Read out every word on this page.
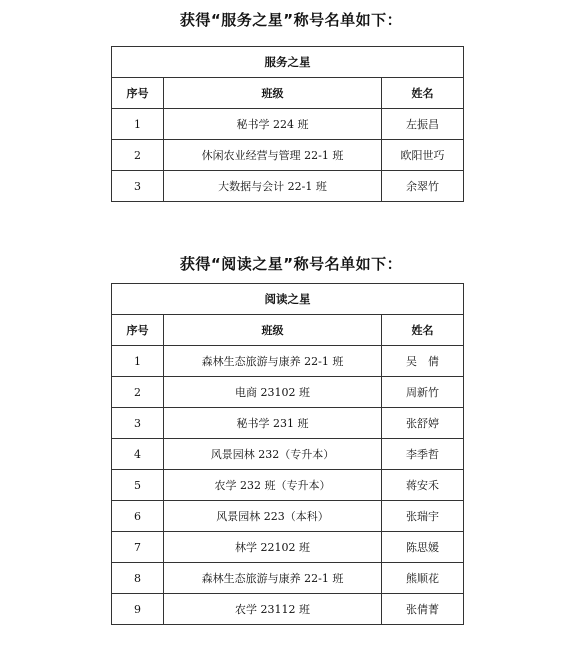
获得“服务之星”称号名单如下：
服务之星		
序号	班级	姓名
1	秘书学 224 班	左振昌
2	休闲农业经营与管理 22-1 班	欧阳世巧
3	大数据与会计 22-1 班	余翠竹
获得“阅读之星”称号名单如下：
阅读之星		
序号	班级	姓名
1	森林生态旅游与康养 22-1 班	吴　倩
2	电商 23102 班	周新竹
3	秘书学 231 班	张舒婷
4	风景园林 232（专升本）	李季哲
5	农学 232 班（专升本）	蒋安禾
6	风景园林 223（本科）	张瑞宇
7	林学 22102 班	陈思媛
8	森林生态旅游与康养 22-1 班	熊顺花
9	农学 23112 班	张倩菁
